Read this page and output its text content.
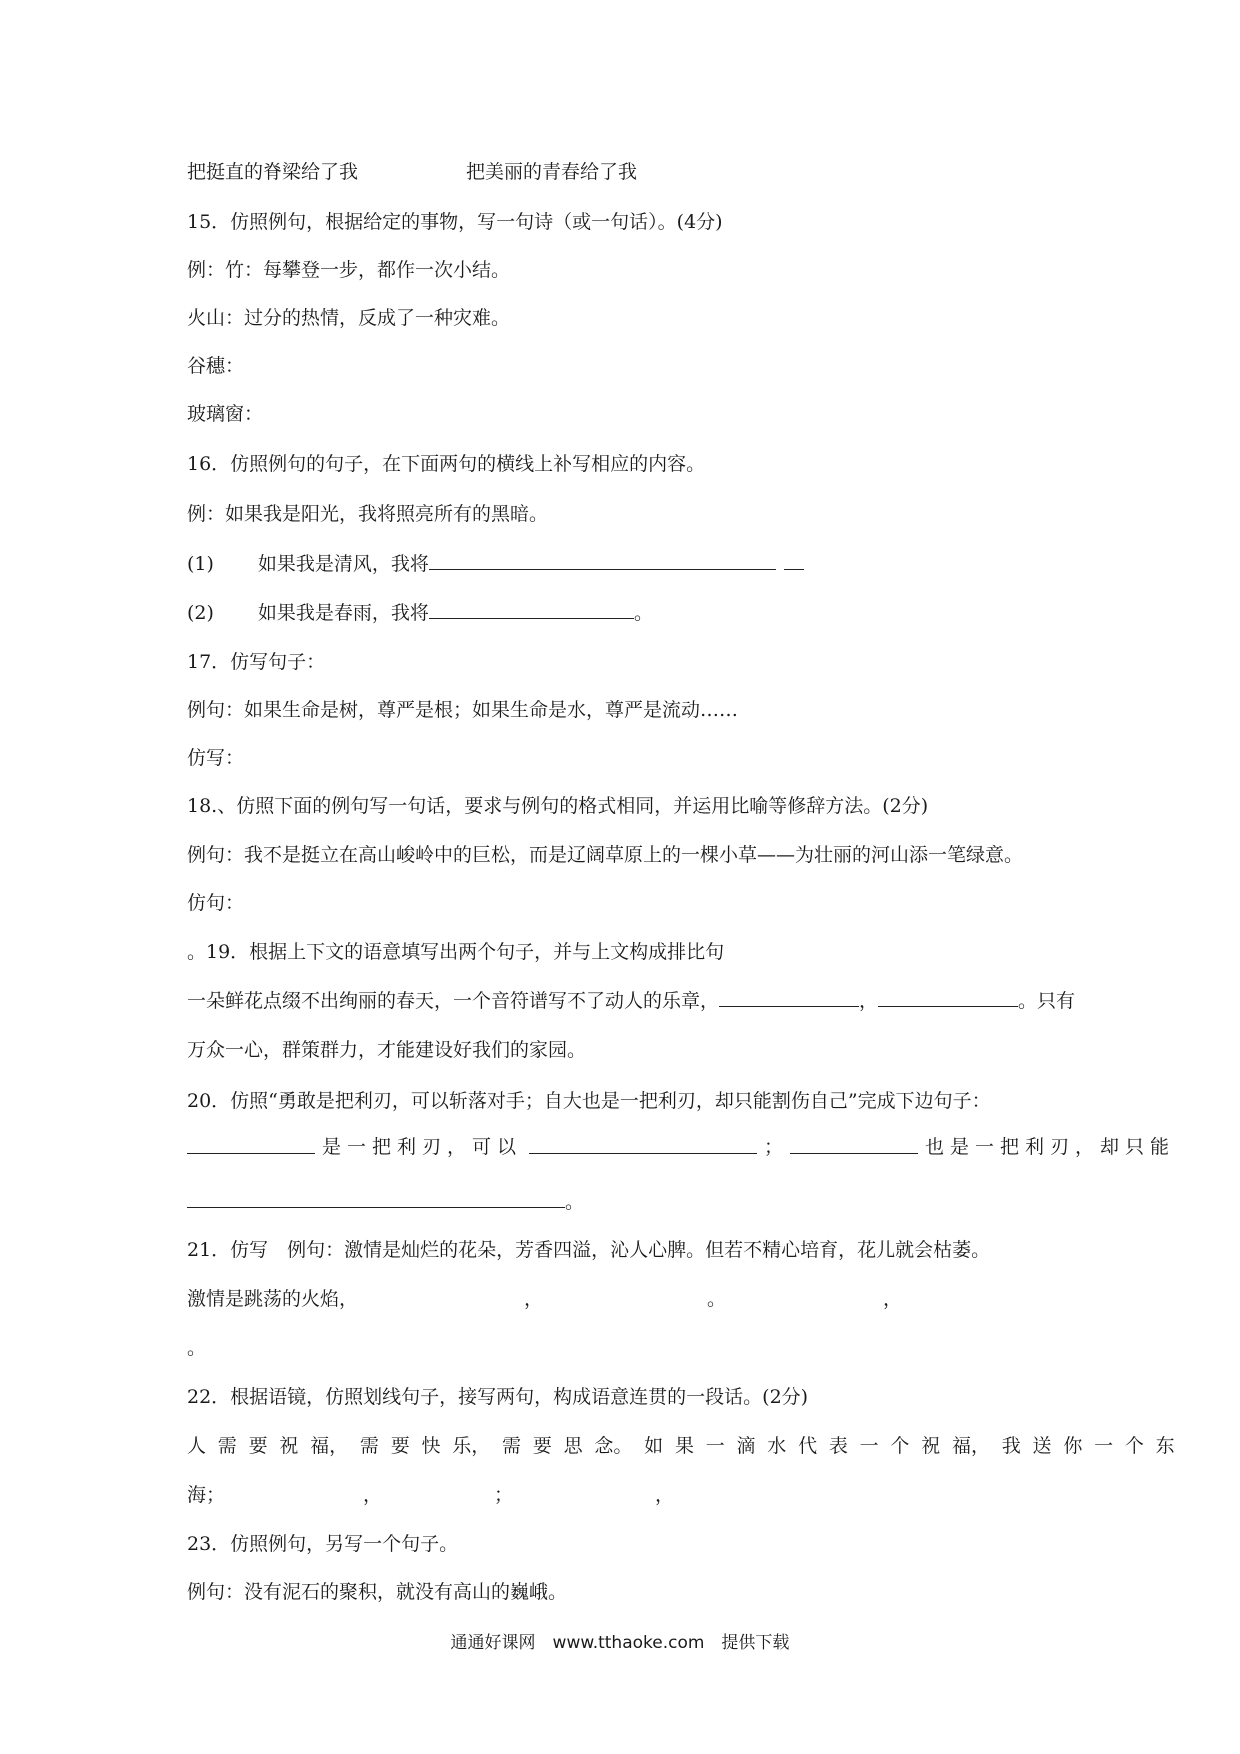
把挺直的脊梁给了我	把美丽的青春给了我
15．仿照例句，根据给定的事物，写一句诗（或一句话）。(4分)
例：竹：每攀登一步，都作一次小结。
火山：过分的热情，反成了一种灾难。
谷穗：
玻璃窗：
16．仿照例句的句子，在下面两句的横线上补写相应的内容。
例：如果我是阳光，我将照亮所有的黑暗。
(1) 如果我是清风，我将
(2) 如果我是春雨，我将	。
17．仿写句子：
例句：如果生命是树，尊严是根；如果生命是水，尊严是流动……
仿写：
18.、仿照下面的例句写一句话，要求与例句的格式相同，并运用比喻等修辞方法。(2分)
例句：我不是挺立在高山峻岭中的巨松，而是辽阔草原上的一棵小草——为壮丽的河山添一笔绿意。
仿句：
。19．根据上下文的语意填写出两个句子，并与上文构成排比句
一朵鲜花点缀不出绚丽的春天，一个音符谱写不了动人的乐章，	，	。只有
万众一心，群策群力，才能建设好我们的家园。
20．仿照“勇敢是把利刃，可以斩落对手；自大也是一把利刃，却只能割伤自己”完成下边句子：
是一把利刃，可以	；	也是一把利刃，却只能
。
21．仿写　例句：激情是灿烂的花朵，芳香四溢，沁人心脾。但若不精心培育，花儿就会枯萎。
激情是跳荡的火焰，	，	。	，
。
22．根据语镜，仿照划线句子，接写两句，构成语意连贯的一段话。(2分)
人 需 要 祝 福， 需 要 快 乐， 需 要 思 念。 如 果 一 滴 水 代 表 一 个 祝 福， 我 送 你 一 个 东
海；	，	；	，
23．仿照例句，另写一个句子。
例句：没有泥石的聚积，就没有高山的巍峨。
通通好课网　www.tthaoke.com　提供下载
